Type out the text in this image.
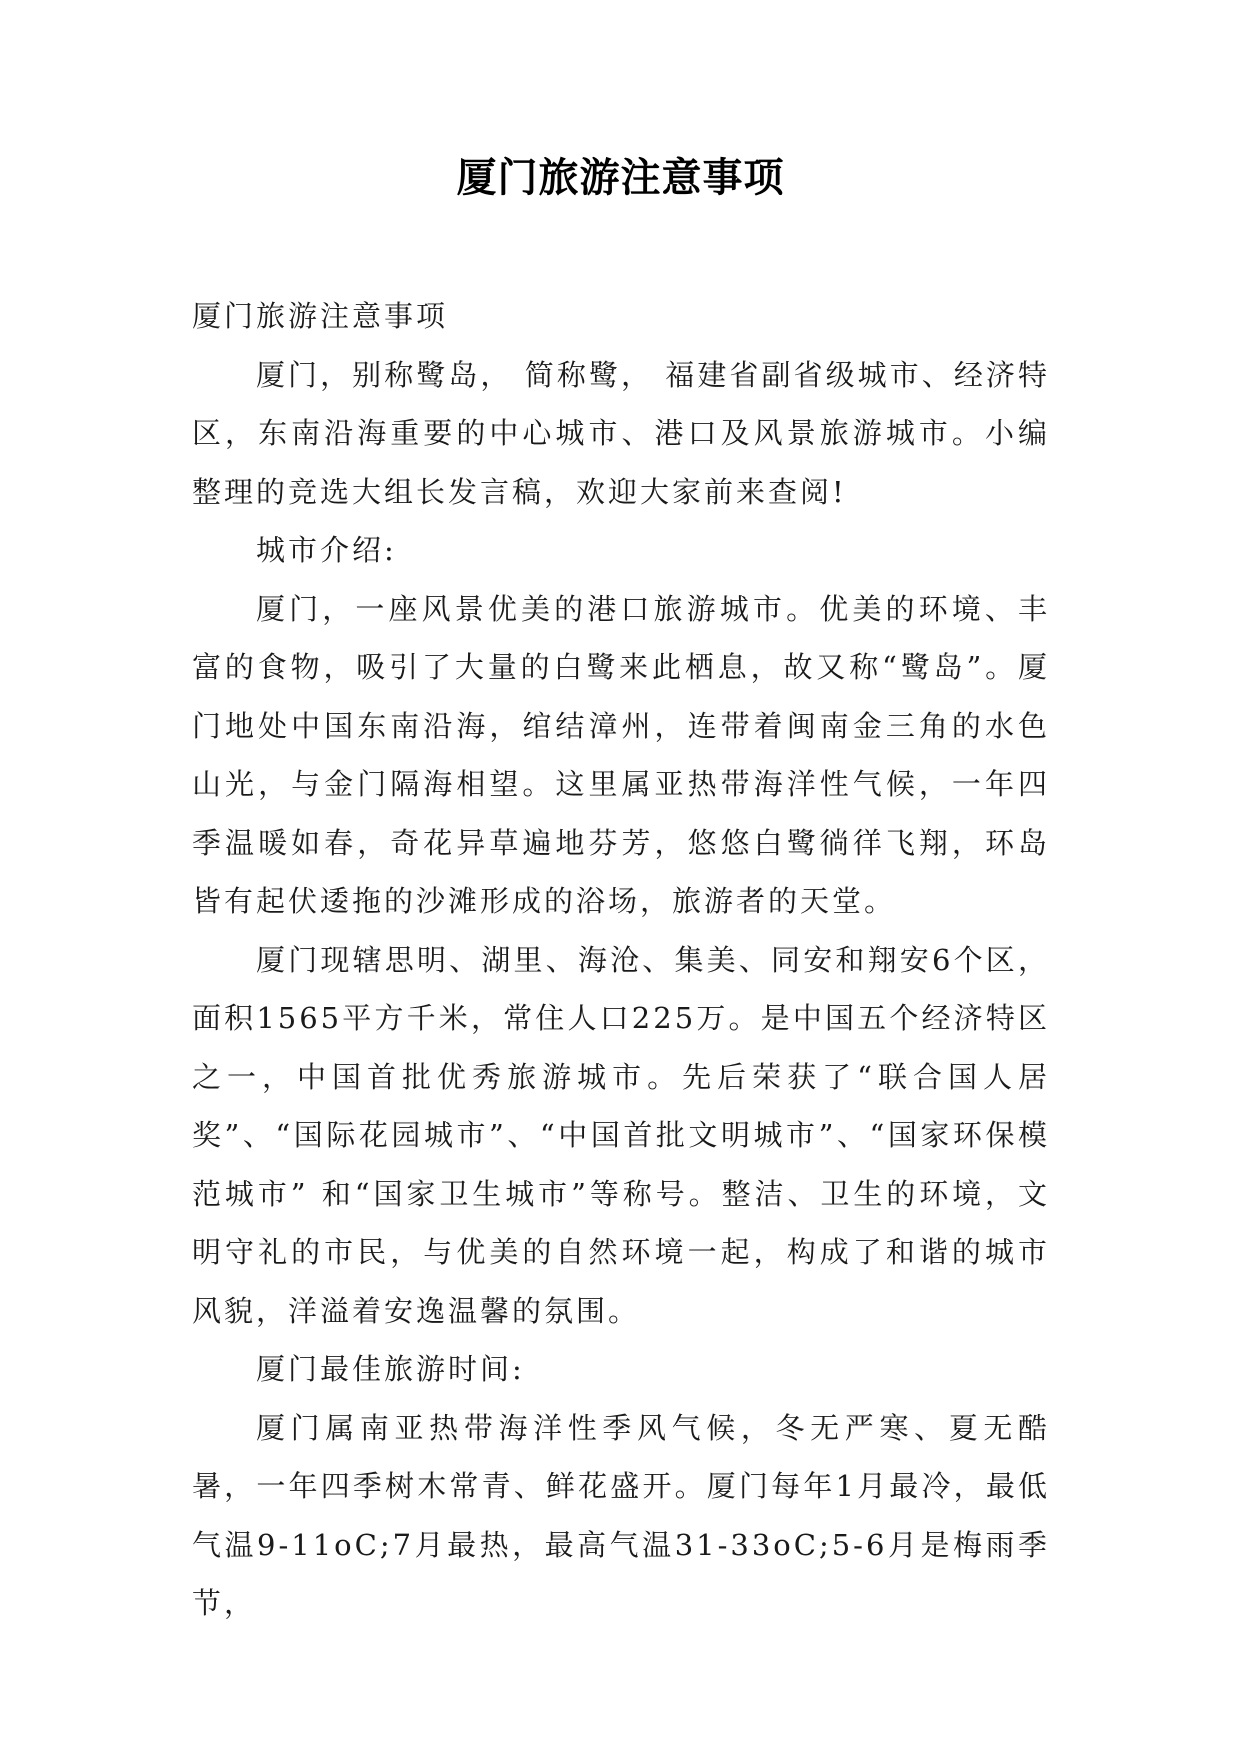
厦门旅游注意事项

厦门旅游注意事项

厦门，别称鹭岛， 简称鹭， 福建省副省级城市、经济特区，东南沿海重要的中心城市、港口及风景旅游城市。小编整理的竞选大组长发言稿，欢迎大家前来查阅!

城市介绍:

厦门，一座风景优美的港口旅游城市。优美的环境、丰富的食物，吸引了大量的白鹭来此栖息，故又称“鹭岛”。厦门地处中国东南沿海，绾结漳州，连带着闽南金三角的水色山光，与金门隔海相望。这里属亚热带海洋性气候，一年四季温暖如春，奇花异草遍地芬芳，悠悠白鹭徜徉飞翔，环岛皆有起伏逶拖的沙滩形成的浴场，旅游者的天堂。

厦门现辖思明、湖里、海沧、集美、同安和翔安6个区，面积1565平方千米，常住人口225万。是中国五个经济特区之一，中国首批优秀旅游城市。先后荣获了“联合国人居奖”、“国际花园城市”、“中国首批文明城市”、“国家环保模范城市” 和“国家卫生城市”等称号。整洁、卫生的环境，文明守礼的市民，与优美的自然环境一起，构成了和谐的城市风貌，洋溢着安逸温馨的氛围。

厦门最佳旅游时间:

厦门属南亚热带海洋性季风气候，冬无严寒、夏无酷暑，一年四季树木常青、鲜花盛开。厦门每年1月最冷，最低气温9-11oC;7月最热，最高气温31-33oC;5-6月是梅雨季节，
